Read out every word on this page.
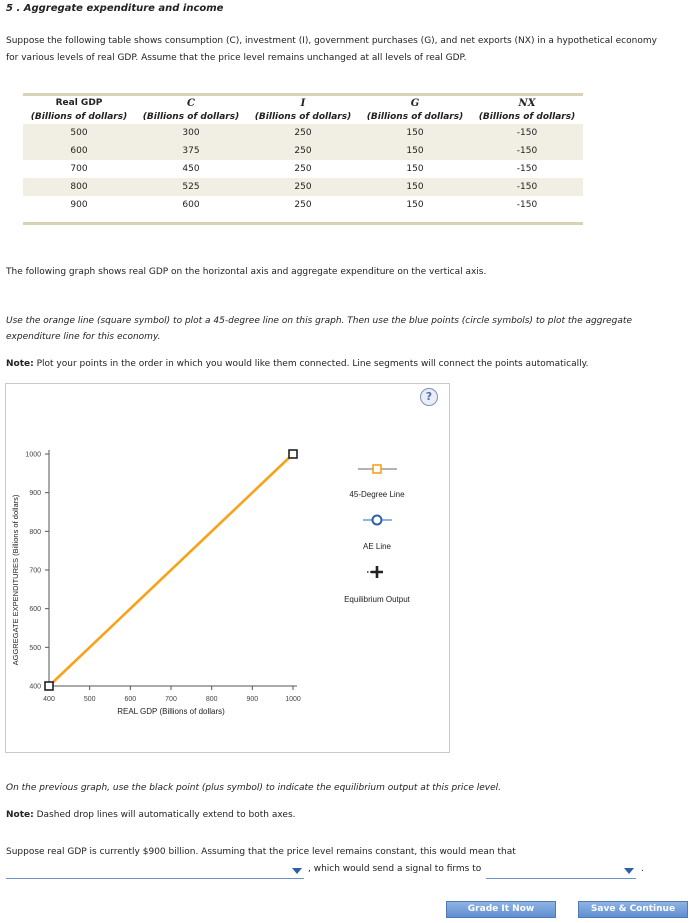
5 . Aggregate expenditure and income
Suppose the following table shows consumption (C), investment (I), government purchases (G), and net exports (NX) in a hypothetical economy
for various levels of real GDP. Assume that the price level remains unchanged at all levels of real GDP.
Real GDP	C	I	G	NX
(Billions of dollars)	(Billions of dollars)	(Billions of dollars)	(Billions of dollars)	(Billions of dollars)
500	300	250	150	-150
600	375	250	150	-150
700	450	250	150	-150
800	525	250	150	-150
900	600	250	150	-150
The following graph shows real GDP on the horizontal axis and aggregate expenditure on the vertical axis.
Use the orange line (square symbol) to plot a 45-degree line on this graph. Then use the blue points (circle symbols) to plot the aggregate
expenditure line for this economy.
Note: Plot your points in the order in which you would like them connected. Line segments will connect the points automatically.
?
400	500	600	700	800	900	1000
400
500
600
700
800
900
1000
REAL GDP (Billions of dollars)
AGGREGATE EXPENDITURES (Billions of dollars)
45-Degree Line
AE Line
Equilibrium Output
On the previous graph, use the black point (plus symbol) to indicate the equilibrium output at this price level.
Note: Dashed drop lines will automatically extend to both axes.
Suppose real GDP is currently $900 billion. Assuming that the price level remains constant, this would mean that
, which would send a signal to firms to	.
Grade It Now	Save & Continue
